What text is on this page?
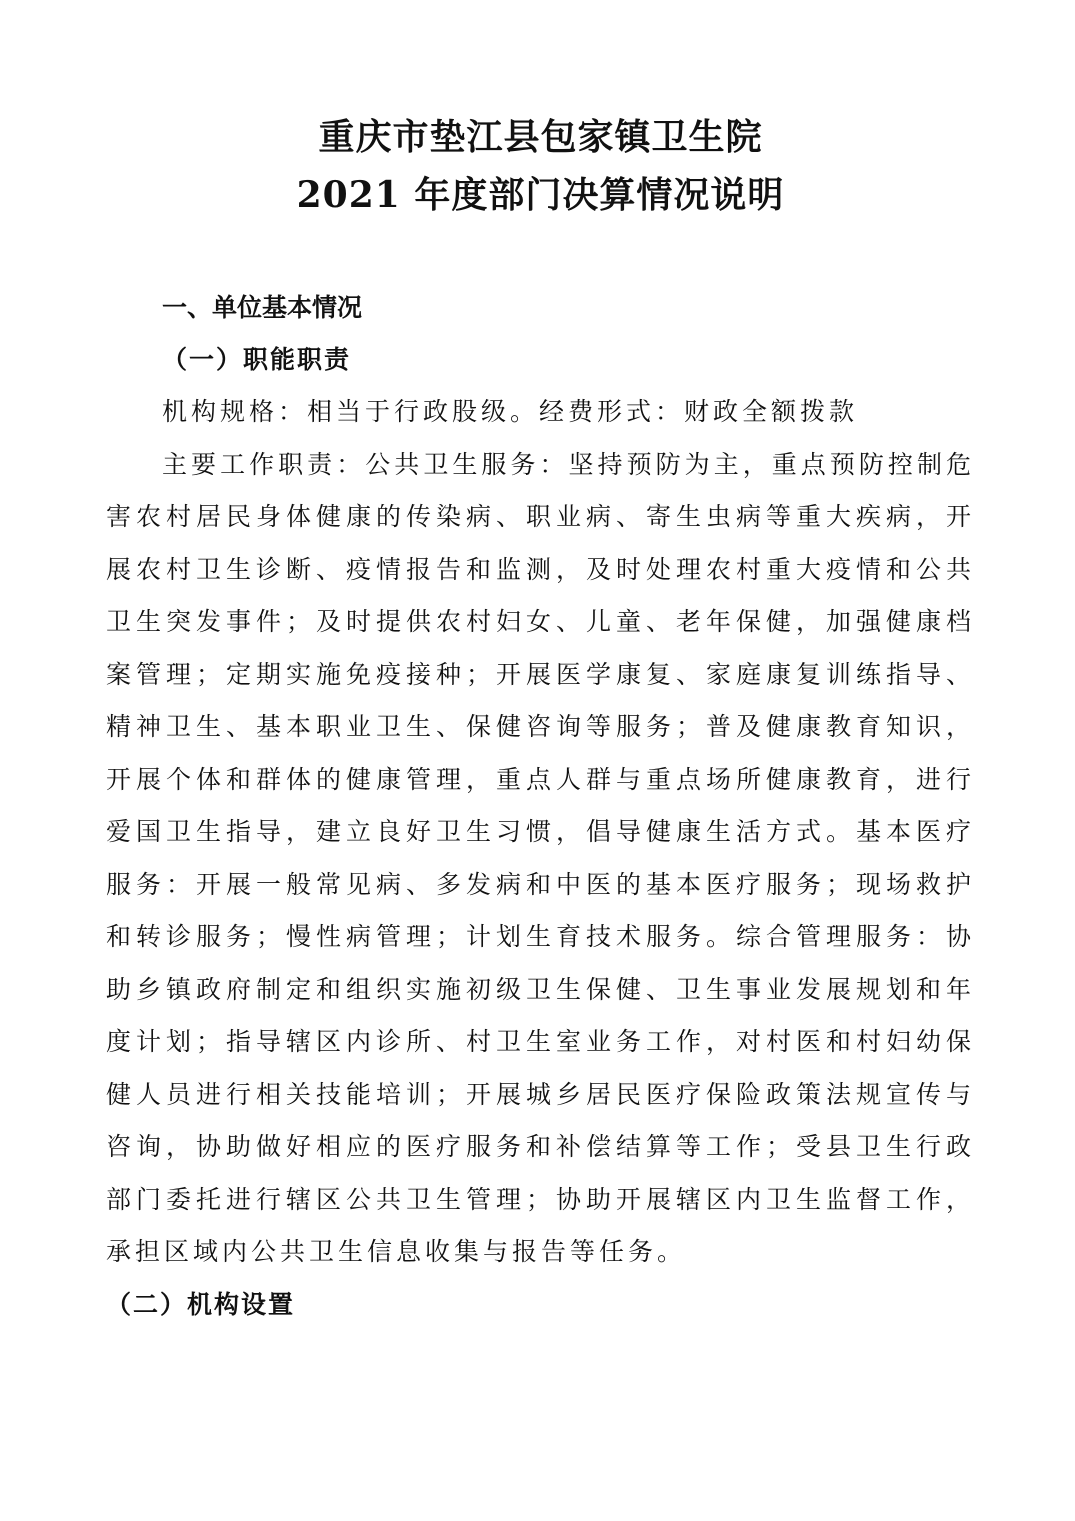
重庆市垫江县包家镇卫生院
2021 年度部门决算情况说明
一、单位基本情况
（一）职能职责

机构规格：相当于行政股级。经费形式：财政全额拨款

主要工作职责：公共卫生服务：坚持预防为主，重点预防控制危害农村居民身体健康的传染病、职业病、寄生虫病等重大疾病，开展农村卫生诊断、疫情报告和监测，及时处理农村重大疫情和公共卫生突发事件；及时提供农村妇女、儿童、老年保健，加强健康档案管理；定期实施免疫接种；开展医学康复、家庭康复训练指导、精神卫生、基本职业卫生、保健咨询等服务；普及健康教育知识，开展个体和群体的健康管理，重点人群与重点场所健康教育，进行爱国卫生指导，建立良好卫生习惯，倡导健康生活方式。基本医疗服务：开展一般常见病、多发病和中医的基本医疗服务；现场救护和转诊服务；慢性病管理；计划生育技术服务。综合管理服务：协助乡镇政府制定和组织实施初级卫生保健、卫生事业发展规划和年度计划；指导辖区内诊所、村卫生室业务工作，对村医和村妇幼保健人员进行相关技能培训；开展城乡居民医疗保险政策法规宣传与咨询，协助做好相应的医疗服务和补偿结算等工作；受县卫生行政部门委托进行辖区公共卫生管理；协助开展辖区内卫生监督工作，承担区域内公共卫生信息收集与报告等任务。

（二）机构设置
